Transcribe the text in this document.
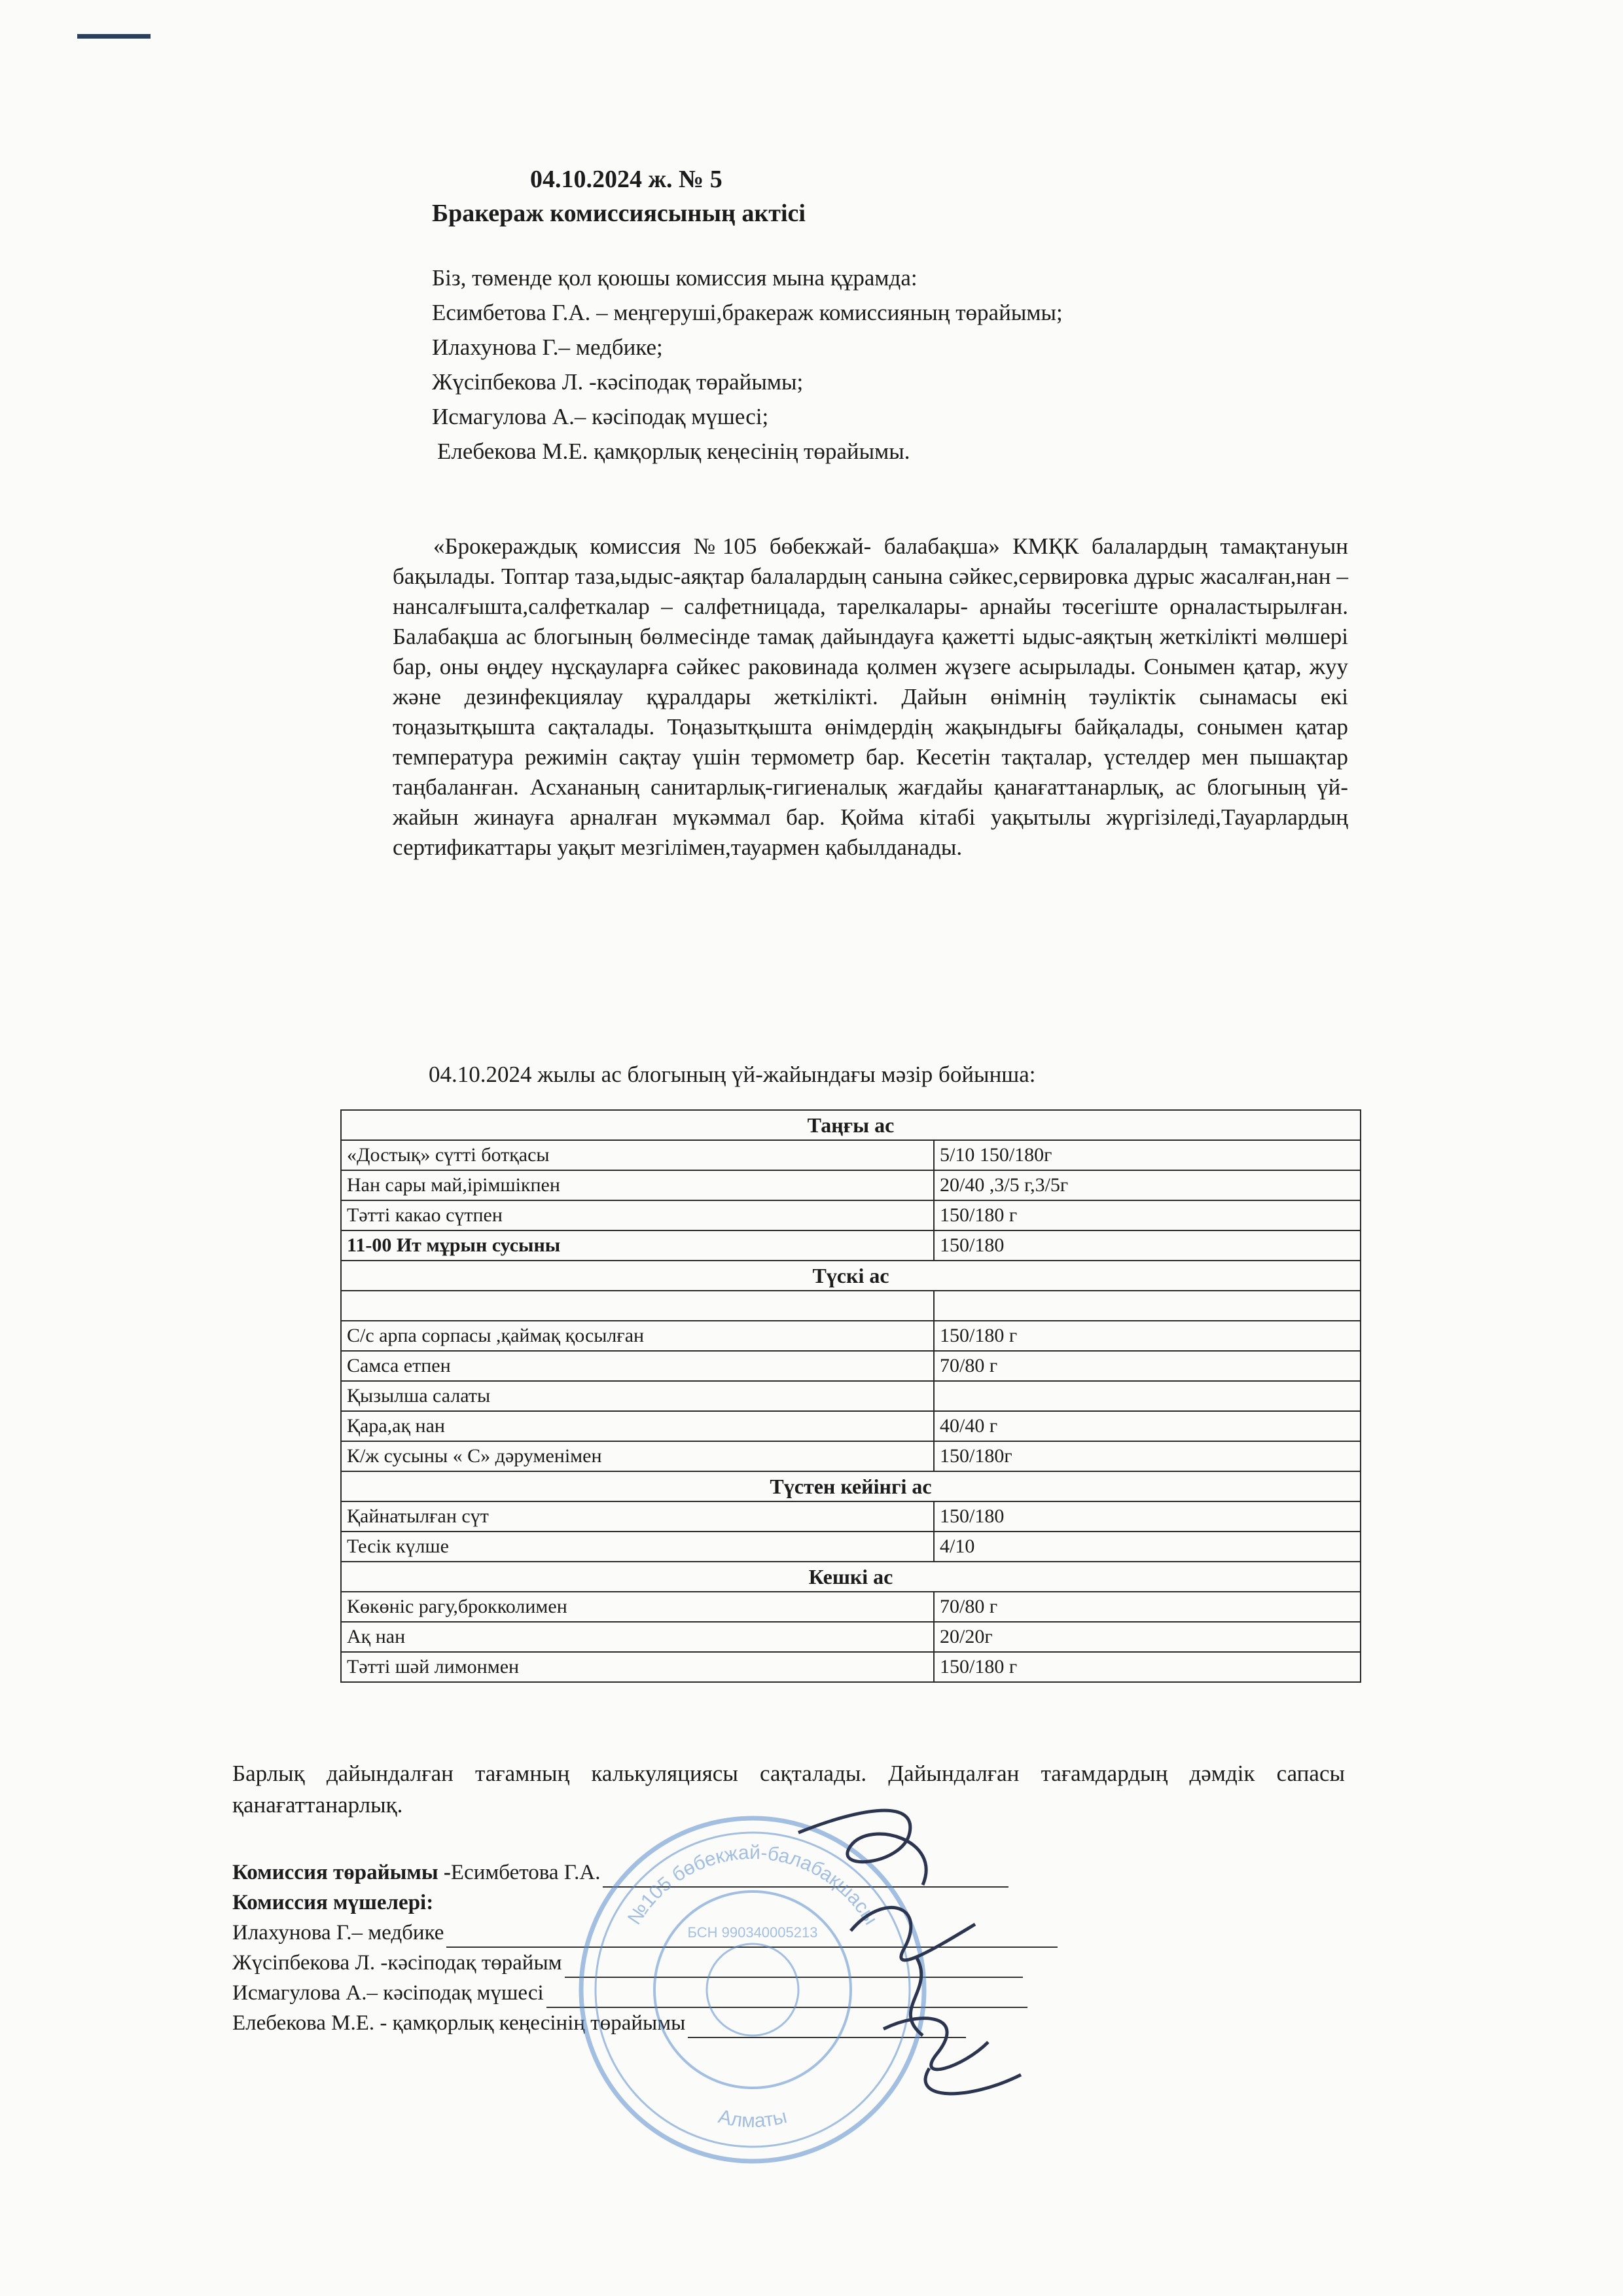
04.10.2024 ж. № 5
Бракераж комиссиясының актісі
Біз, төменде қол қоюшы комиссия мына құрамда:
Есимбетова Г.А. – меңгеруші,бракераж комиссияның төрайымы;
Илахунова Г.– медбике;
Жүсіпбекова Л. -кәсіподақ төрайымы;
Исмагулова А.– кәсіподақ мүшесі;
Елебекова М.Е. қамқорлық кеңесінің төрайымы.

«Брокераждық комиссия №105 бөбекжай- балабақша» КМҚК балалардың тамақтануын бақылады. Топтар таза,ыдыс-аяқтар балалардың санына сәйкес,сервировка дұрыс жасалған,нан –нансалғышта,салфеткалар – салфетницада, тарелкалары- арнайы төсегіште орналастырылған. Балабақша ас блогының бөлмесінде тамақ дайындауға қажетті ыдыс-аяқтың жеткілікті мөлшері бар, оны өңдеу нұсқауларға сәйкес раковинада қолмен жүзеге асырылады. Сонымен қатар, жуу және дезинфекциялау құралдары жеткілікті. Дайын өнімнің тәуліктік сынамасы екі тоңазытқышта сақталады. Тоңазытқышта өнімдердің жақындығы байқалады, сонымен қатар температура режимін сақтау үшін термометр бар. Кесетін тақталар, үстелдер мен пышақтар таңбаланған. Асхананың санитарлық-гигиеналық жағдайы қанағаттанарлық, ас блогының үй-жайын жинауға арналған мүкәммал бар. Қойма кітабі уақытылы жүргізіледі,Тауарлардың сертификаттары уақыт мезгілімен,тауармен қабылданады.

04.10.2024 жылы ас блогының үй-жайындағы мәзір бойынша:
Таңғы ас	
«Достық» сүтті ботқасы	5/10 150/180г
Нан сары май,ірімшікпен	20/40 ,3/5 г,3/5г
Тәтті какао сүтпен	150/180 г
11-00 Ит мұрын сусыны	150/180
Түскі ас	

С/с арпа сорпасы ,қаймақ қосылған	150/180 г
Самса етпен	70/80 г
Қызылша салаты	
Қара,ақ нан	40/40 г
К/ж сусыны « С» дәруменімен	150/180г
Түстен кейінгі ас	
Қайнатылған сүт	150/180
Тесік күлше	4/10
Кешкі ас	
Көкөніс рагу,брокколимен	70/80 г
Ақ нан	20/20г
Тәтті шәй лимонмен	150/180 г

Барлық дайындалған тағамның калькуляциясы сақталады. Дайындалған тағамдардың дәмдік сапасы қанағаттанарлық.

Комиссия төрайымы - Есимбетова Г.А.
Комиссия мүшелері:
Илахунова Г.– медбике
Жүсіпбекова Л. -кәсіподақ төрайым
Исмагулова А.– кәсіподақ мүшесі
Елебекова М.Е. - қамқорлық кеңесінің төрайымы
№105 бөбекжай-балабақшасы
Алматы
БСН 990340005213
